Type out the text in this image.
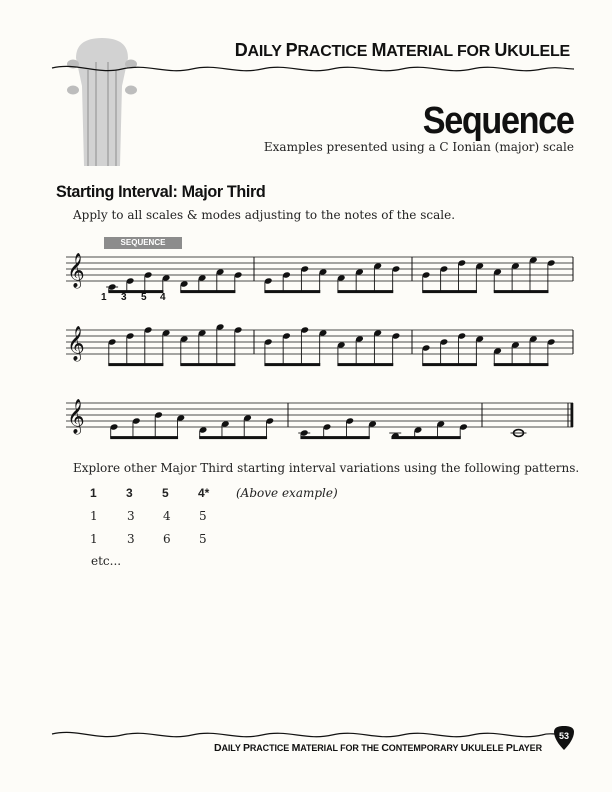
DAILY PRACTICE MATERIAL FOR UKULELE
Sequence
Examples presented using a C Ionian (major) scale
Starting Interval: Major Third
Apply to all scales & modes adjusting to the notes of the scale.
SEQUENCE
𝄞
𝄞
𝄞
1 3 5 4
Explore other Major Third starting interval variations using the following patterns.
1 3 5 4* (Above example)
1 3 4 5
1 3 6 5
etc...
DAILY PRACTICE MATERIAL FOR THE CONTEMPORARY UKULELE PLAYER
53
